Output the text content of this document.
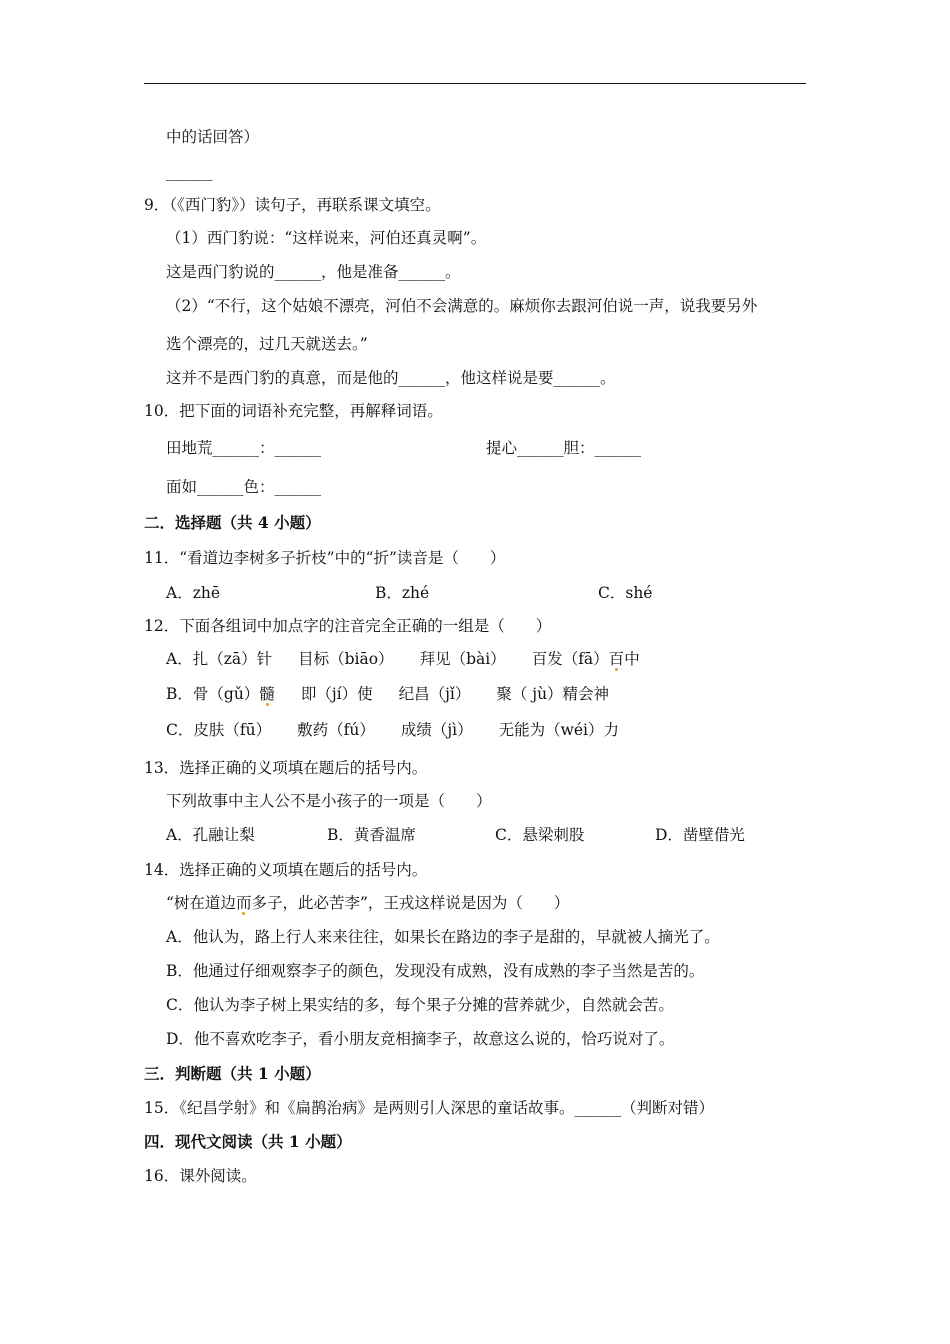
中的话回答）
______
9．（《西门豹》）读句子，再联系课文填空。
（1）西门豹说：“这样说来，河伯还真灵啊”。
这是西门豹说的______，他是准备______。
（2）“不行，这个姑娘不漂亮，河伯不会满意的。麻烦你去跟河伯说一声，说我要另外
选个漂亮的，过几天就送去。”
这并不是西门豹的真意，而是他的______，他这样说是要______。
10．把下面的词语补充完整，再解释词语。
田地荒______：______	提心______胆：______
面如______色：______
二．选择题（共 4 小题）
11．“看道边李树多子折枝”中的“折”读音是（　　）
A．zhē	B．zhé	C．shé
12．下面各组词中加点字的注音完全正确的一组是（　　）
A．扎（zā）针 目标（biāo） 拜见（bài） 百发（fā）百中
B．骨（gǔ）髓 即（jí）使 纪昌（jǐ） 聚（ jù）精会神
C．皮肤（fū） 敷药（fú） 成绩（jì） 无能为（wéi）力
13．选择正确的义项填在题后的括号内。
下列故事中主人公不是小孩子的一项是（　　）
A．孔融让梨	B．黄香温席	C．悬梁刺股	D．凿壁借光
14．选择正确的义项填在题后的括号内。
“树在道边而多子，此必苦李”，王戎这样说是因为（　　）
A．他认为，路上行人来来往往，如果长在路边的李子是甜的，早就被人摘光了。
B．他通过仔细观察李子的颜色，发现没有成熟，没有成熟的李子当然是苦的。
C．他认为李子树上果实结的多，每个果子分摊的营养就少，自然就会苦。
D．他不喜欢吃李子，看小朋友竞相摘李子，故意这么说的，恰巧说对了。
三．判断题（共 1 小题）
15．《纪昌学射》和《扁鹊治病》是两则引人深思的童话故事。______（判断对错）
四．现代文阅读（共 1 小题）
16．课外阅读。
